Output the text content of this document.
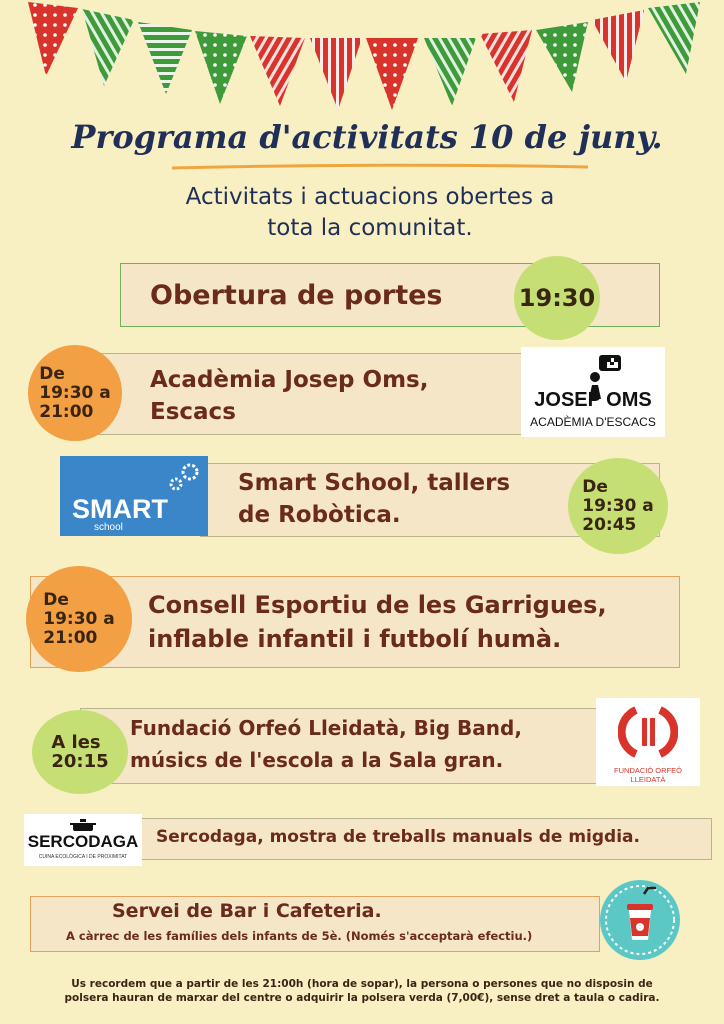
Programa d'activitats 10 de juny.
Activitats i actuacions obertes a
tota la comunitat.
Obertura de portes	19:30
De
19:30 a
21:00
Acadèmia Josep Oms,
Escacs	JOSEP OMS
ACADÈMIA D'ESCACS
SMART
school
Smart School, tallers
de Robòtica.
De
19:30 a
20:45
De
19:30 a
21:00
Consell Esportiu de les Garrigues,
inflable infantil i futbolí humà.
A les
20:15
Fundació Orfeó Lleidatà, Big Band,
músics de l'escola a la Sala gran.	FUNDACIÓ ORFEÓ LLEIDATÀ
SERCODAGA
CUINA ECOLÒGICA I DE PROXIMITAT
Sercodaga, mostra de treballs manuals de migdia.
Servei de Bar i Cafeteria.
A càrrec de les famílies dels infants de 5è. (Només s'acceptarà efectiu.)
Us recordem que a partir de les 21:00h (hora de sopar), la persona o persones que no disposin de
polsera hauran de marxar del centre o adquirir la polsera verda (7,00€), sense dret a taula o cadira.
